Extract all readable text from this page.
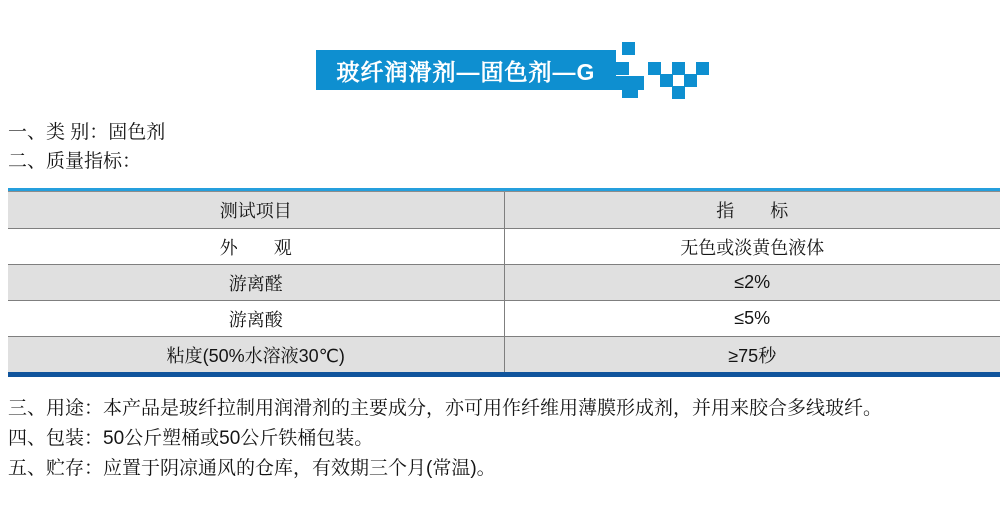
玻纤润滑剂—固色剂—G
一、类 别：固色剂
二、质量指标：
测试项目	指　　标
外　　观	无色或淡黄色液体
游离醛	≤2%
游离酸	≤5%
粘度(50%水溶液30℃)	≥75秒
三、用途：本产品是玻纤拉制用润滑剂的主要成分，亦可用作纤维用薄膜形成剂，并用来胶合多线玻纤。
四、包装：50公斤塑桶或50公斤铁桶包装。
五、贮存：应置于阴凉通风的仓库，有效期三个月(常温)。
